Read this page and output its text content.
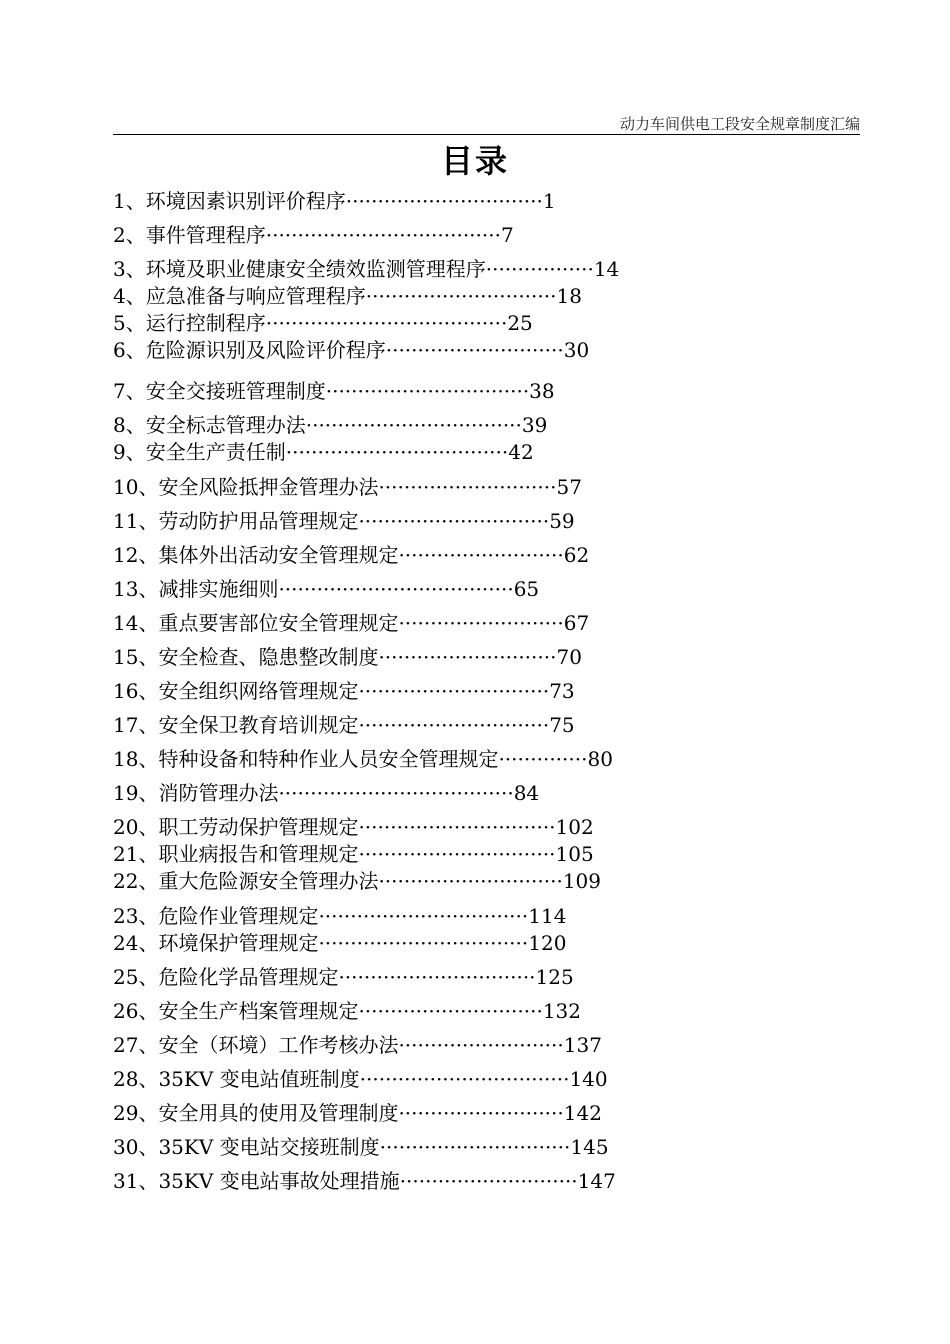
动力车间供电工段安全规章制度汇编
目录
1、环境因素识别评价程序·······························1
2、事件管理程序·····································7
3、环境及职业健康安全绩效监测管理程序·················14
4、应急准备与响应管理程序······························18
5、运行控制程序······································25
6、危险源识别及风险评价程序····························30
7、安全交接班管理制度································38
8、安全标志管理办法··································39
9、安全生产责任制···································42
10、安全风险抵押金管理办法····························57
11、劳动防护用品管理规定······························59
12、集体外出活动安全管理规定··························62
13、减排实施细则·····································65
14、重点要害部位安全管理规定··························67
15、安全检查、隐患整改制度····························70
16、安全组织网络管理规定······························73
17、安全保卫教育培训规定······························75
18、特种设备和特种作业人员安全管理规定··············80
19、消防管理办法·····································84
20、职工劳动保护管理规定·······························102
21、职业病报告和管理规定·······························105
22、重大危险源安全管理办法·····························109
23、危险作业管理规定·································114
24、环境保护管理规定·································120
25、危险化学品管理规定·······························125
26、安全生产档案管理规定·····························132
27、安全（环境）工作考核办法··························137
28、35KV 变电站值班制度·································140
29、安全用具的使用及管理制度··························142
30、35KV 变电站交接班制度······························145
31、35KV 变电站事故处理措施····························147
